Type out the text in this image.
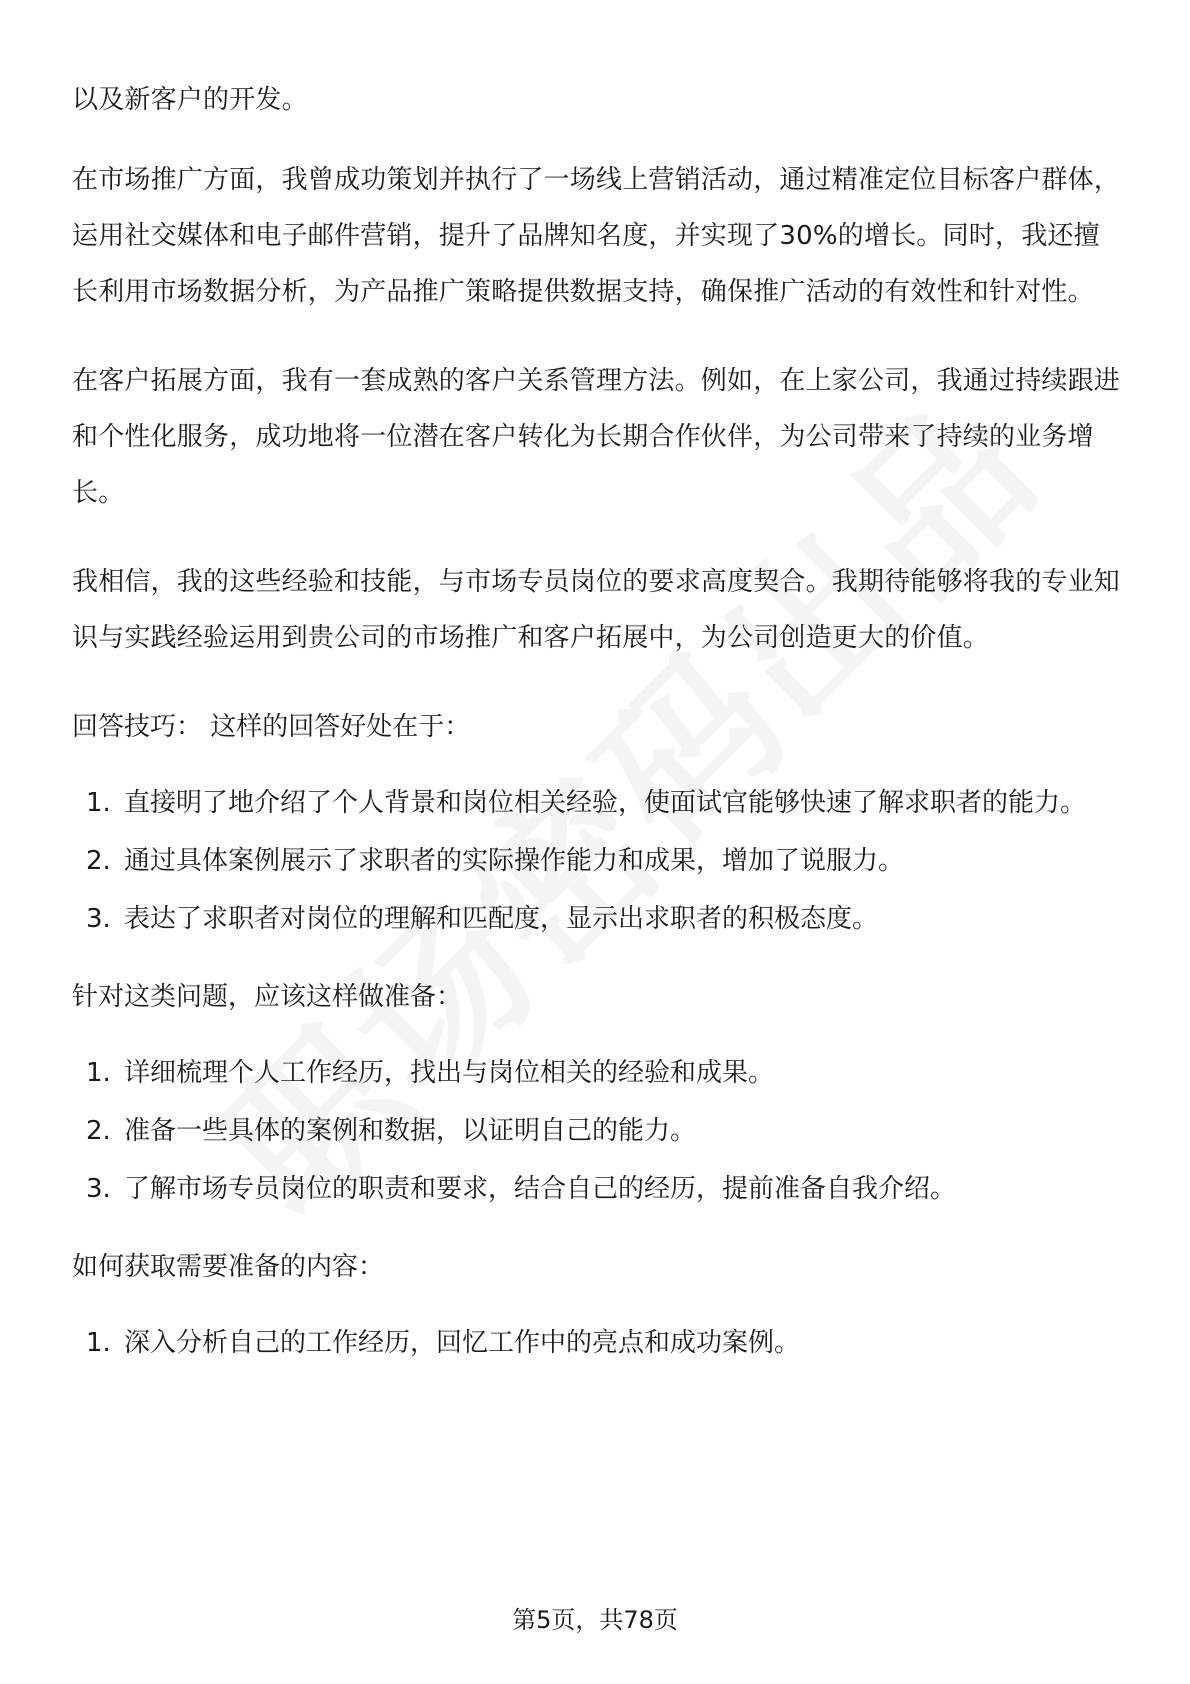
以及新客户的开发。

在市场推广方面，我曾成功策划并执行了一场线上营销活动，通过精准定位目标客户群体，运用社交媒体和电子邮件营销，提升了品牌知名度，并实现了30%的增长。同时，我还擅长利用市场数据分析，为产品推广策略提供数据支持，确保推广活动的有效性和针对性。

在客户拓展方面，我有一套成熟的客户关系管理方法。例如，在上家公司，我通过持续跟进和个性化服务，成功地将一位潜在客户转化为长期合作伙伴，为公司带来了持续的业务增长。

我相信，我的这些经验和技能，与市场专员岗位的要求高度契合。我期待能够将我的专业知识与实践经验运用到贵公司的市场推广和客户拓展中，为公司创造更大的价值。

回答技巧： 这样的回答好处在于：

1. 直接明了地介绍了个人背景和岗位相关经验，使面试官能够快速了解求职者的能力。
2. 通过具体案例展示了求职者的实际操作能力和成果，增加了说服力。
3. 表达了求职者对岗位的理解和匹配度，显示出求职者的积极态度。

针对这类问题，应该这样做准备：

1. 详细梳理个人工作经历，找出与岗位相关的经验和成果。
2. 准备一些具体的案例和数据，以证明自己的能力。
3. 了解市场专员岗位的职责和要求，结合自己的经历，提前准备自我介绍。

如何获取需要准备的内容：

1. 深入分析自己的工作经历，回忆工作中的亮点和成功案例。
第5页，共78页
